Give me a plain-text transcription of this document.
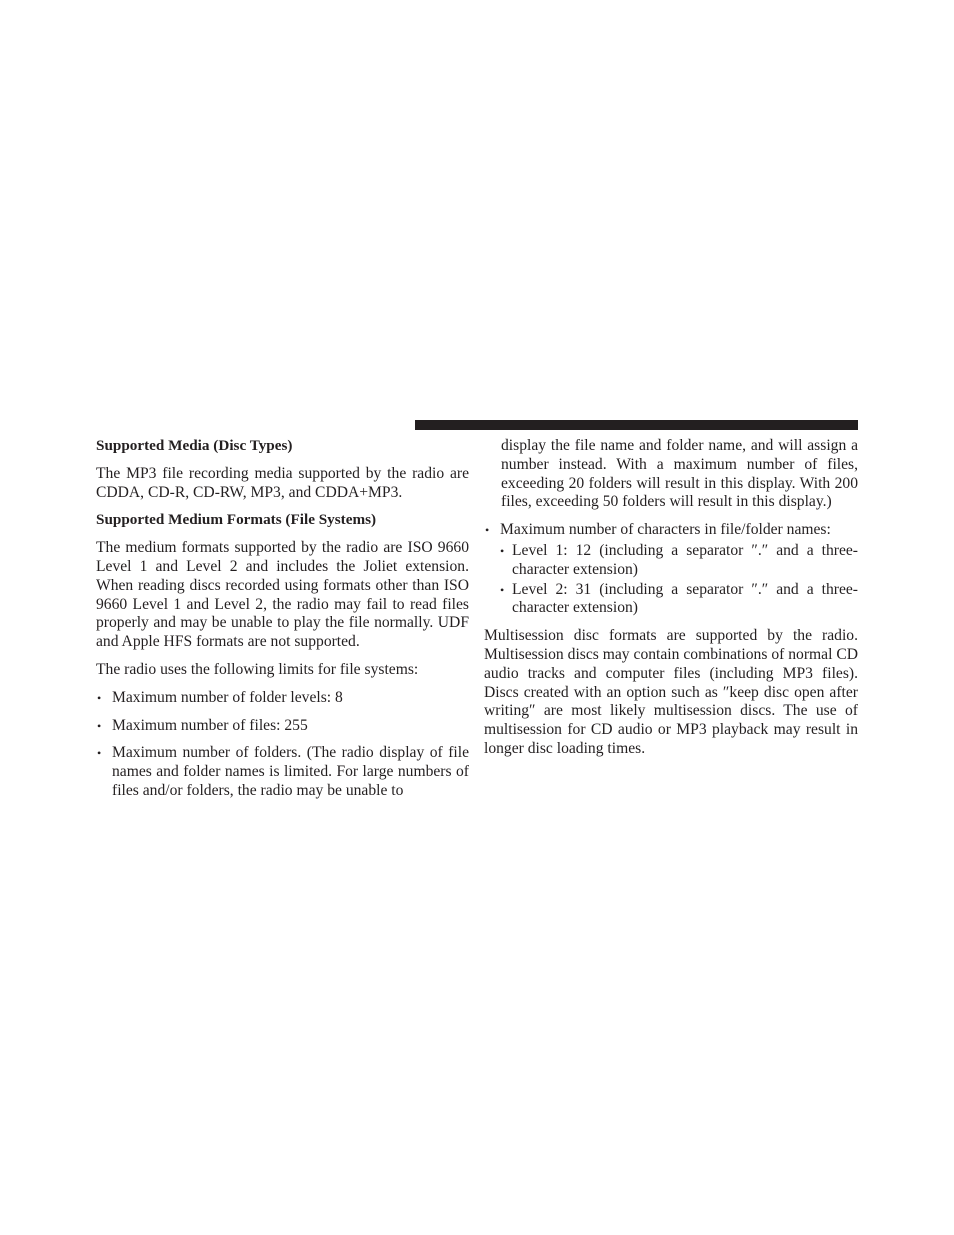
Supported Media (Disc Types)

The MP3 file recording media supported by the radio are CDDA, CD-R, CD-RW, MP3, and CDDA+MP3.

Supported Medium Formats (File Systems)

The medium formats supported by the radio are ISO 9660 Level 1 and Level 2 and includes the Joliet extension. When reading discs recorded using formats other than ISO 9660 Level 1 and Level 2, the radio may fail to read files properly and may be unable to play the file normally. UDF and Apple HFS formats are not supported.

The radio uses the following limits for file systems:

• Maximum number of folder levels: 8
• Maximum number of files: 255
• Maximum number of folders. (The radio display of file names and folder names is limited. For large numbers of files and/or folders, the radio may be unable to
display the file name and folder name, and will assign a number instead. With a maximum number of files, exceeding 20 folders will result in this display. With 200 files, exceeding 50 folders will result in this display.)
• Maximum number of characters in file/folder names:
• Level 1: 12 (including a separator ″.″ and a three-character extension)
• Level 2: 31 (including a separator ″.″ and a three-character extension)

Multisession disc formats are supported by the radio. Multisession discs may contain combinations of normal CD audio tracks and computer files (including MP3 files). Discs created with an option such as ″keep disc open after writing″ are most likely multisession discs. The use of multisession for CD audio or MP3 playback may result in longer disc loading times.
